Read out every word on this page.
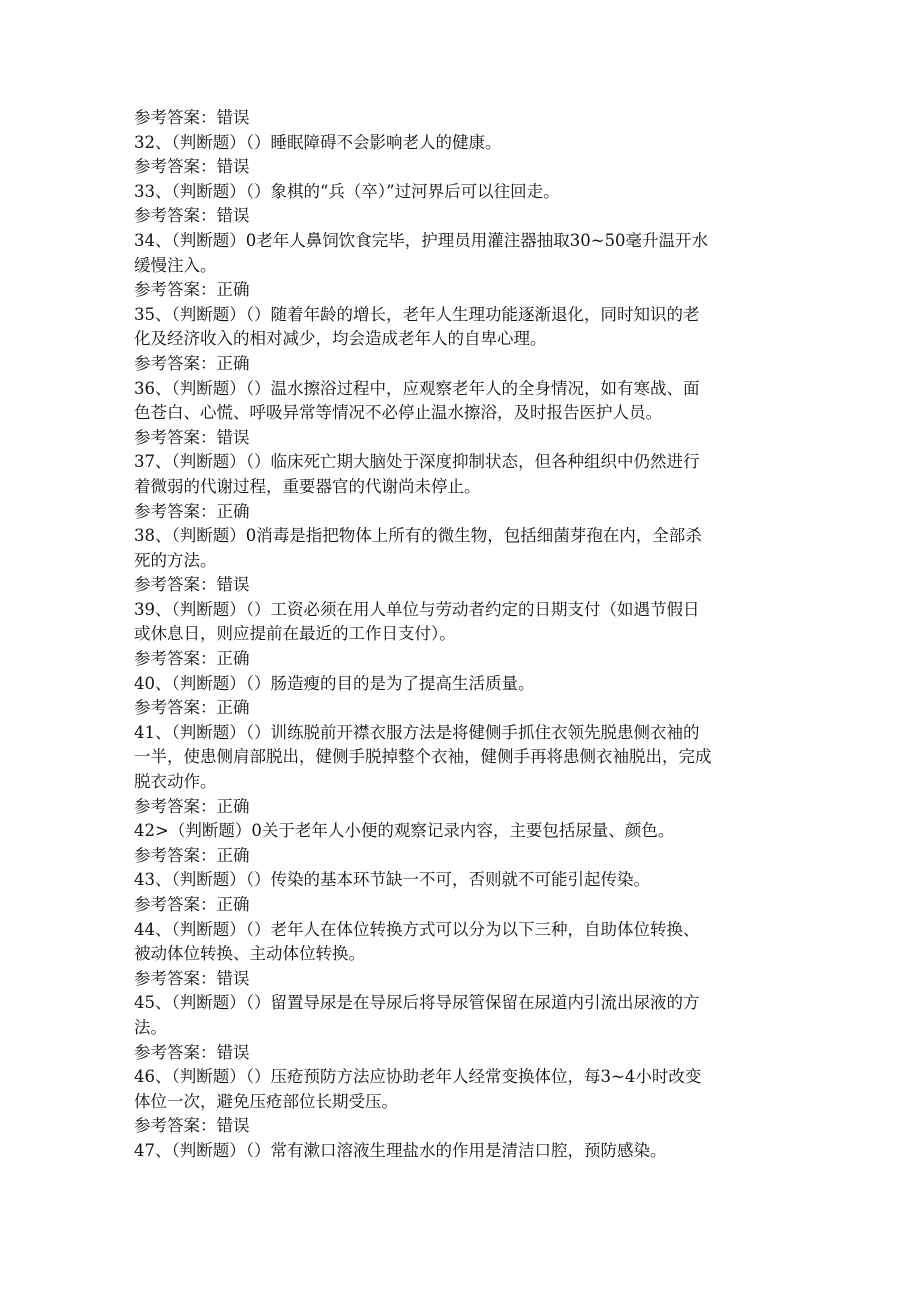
参考答案：错误

32、（判断题）（）睡眠障碍不会影响老人的健康。

参考答案：错误

33、（判断题）（）象棋的“兵（卒）”过河界后可以往回走。

参考答案：错误

34、（判断题）0老年人鼻饲饮食完毕，护理员用灌注器抽取30~50毫升温开水

缓慢注入。

参考答案：正确

35、（判断题）（）随着年龄的增长，老年人生理功能逐渐退化，同时知识的老

化及经济收入的相对减少，均会造成老年人的自卑心理。

参考答案：正确

36、（判断题）（）温水擦浴过程中，应观察老年人的全身情况，如有寒战、面

色苍白、心慌、呼吸异常等情况不必停止温水擦浴，及时报告医护人员。

参考答案：错误

37、（判断题）（）临床死亡期大脑处于深度抑制状态，但各种组织中仍然进行

着微弱的代谢过程，重要器官的代谢尚未停止。

参考答案：正确

38、（判断题）0消毒是指把物体上所有的微生物，包括细菌芽孢在内，全部杀

死的方法。

参考答案：错误

39、（判断题）（）工资必须在用人单位与劳动者约定的日期支付（如遇节假日

或休息日，则应提前在最近的工作日支付）。

参考答案：正确

40、（判断题）（）肠造瘦的目的是为了提高生活质量。

参考答案：正确

41、（判断题）（）训练脱前开襟衣服方法是将健侧手抓住衣领先脱患侧衣袖的

一半，使患侧肩部脱出，健侧手脱掉整个衣袖，健侧手再将患侧衣袖脱出，完成

脱衣动作。

参考答案：正确

42>（判断题）0关于老年人小便的观察记录内容，主要包括尿量、颜色。

参考答案：正确

43、（判断题）（）传染的基本环节缺一不可，否则就不可能引起传染。

参考答案：正确

44、（判断题）（）老年人在体位转换方式可以分为以下三种，自助体位转换、

被动体位转换、主动体位转换。

参考答案：错误

45、（判断题）（）留置导尿是在导尿后将导尿管保留在尿道内引流出尿液的方

法。

参考答案：错误

46、（判断题）（）压疮预防方法应协助老年人经常变换体位，每3~4小时改变

体位一次，避免压疮部位长期受压。

参考答案：错误

47、（判断题）（）常有漱口溶液生理盐水的作用是清洁口腔，预防感染。
